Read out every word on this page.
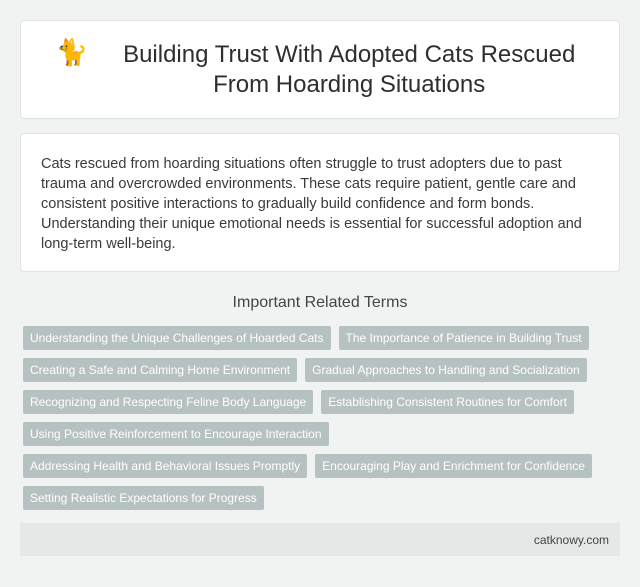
🐈	Building Trust With Adopted Cats Rescued From Hoarding Situations

Cats rescued from hoarding situations often struggle to trust adopters due to past trauma and overcrowded environments. These cats require patient, gentle care and consistent positive interactions to gradually build confidence and form bonds. Understanding their unique emotional needs is essential for successful adoption and long-term well-being.

Important Related Terms
Understanding the Unique Challenges of Hoarded Cats	The Importance of Patience in Building Trust
Creating a Safe and Calming Home Environment	Gradual Approaches to Handling and Socialization
Recognizing and Respecting Feline Body Language	Establishing Consistent Routines for Comfort
Using Positive Reinforcement to Encourage Interaction
Addressing Health and Behavioral Issues Promptly	Encouraging Play and Enrichment for Confidence
Setting Realistic Expectations for Progress
catknowy.com
